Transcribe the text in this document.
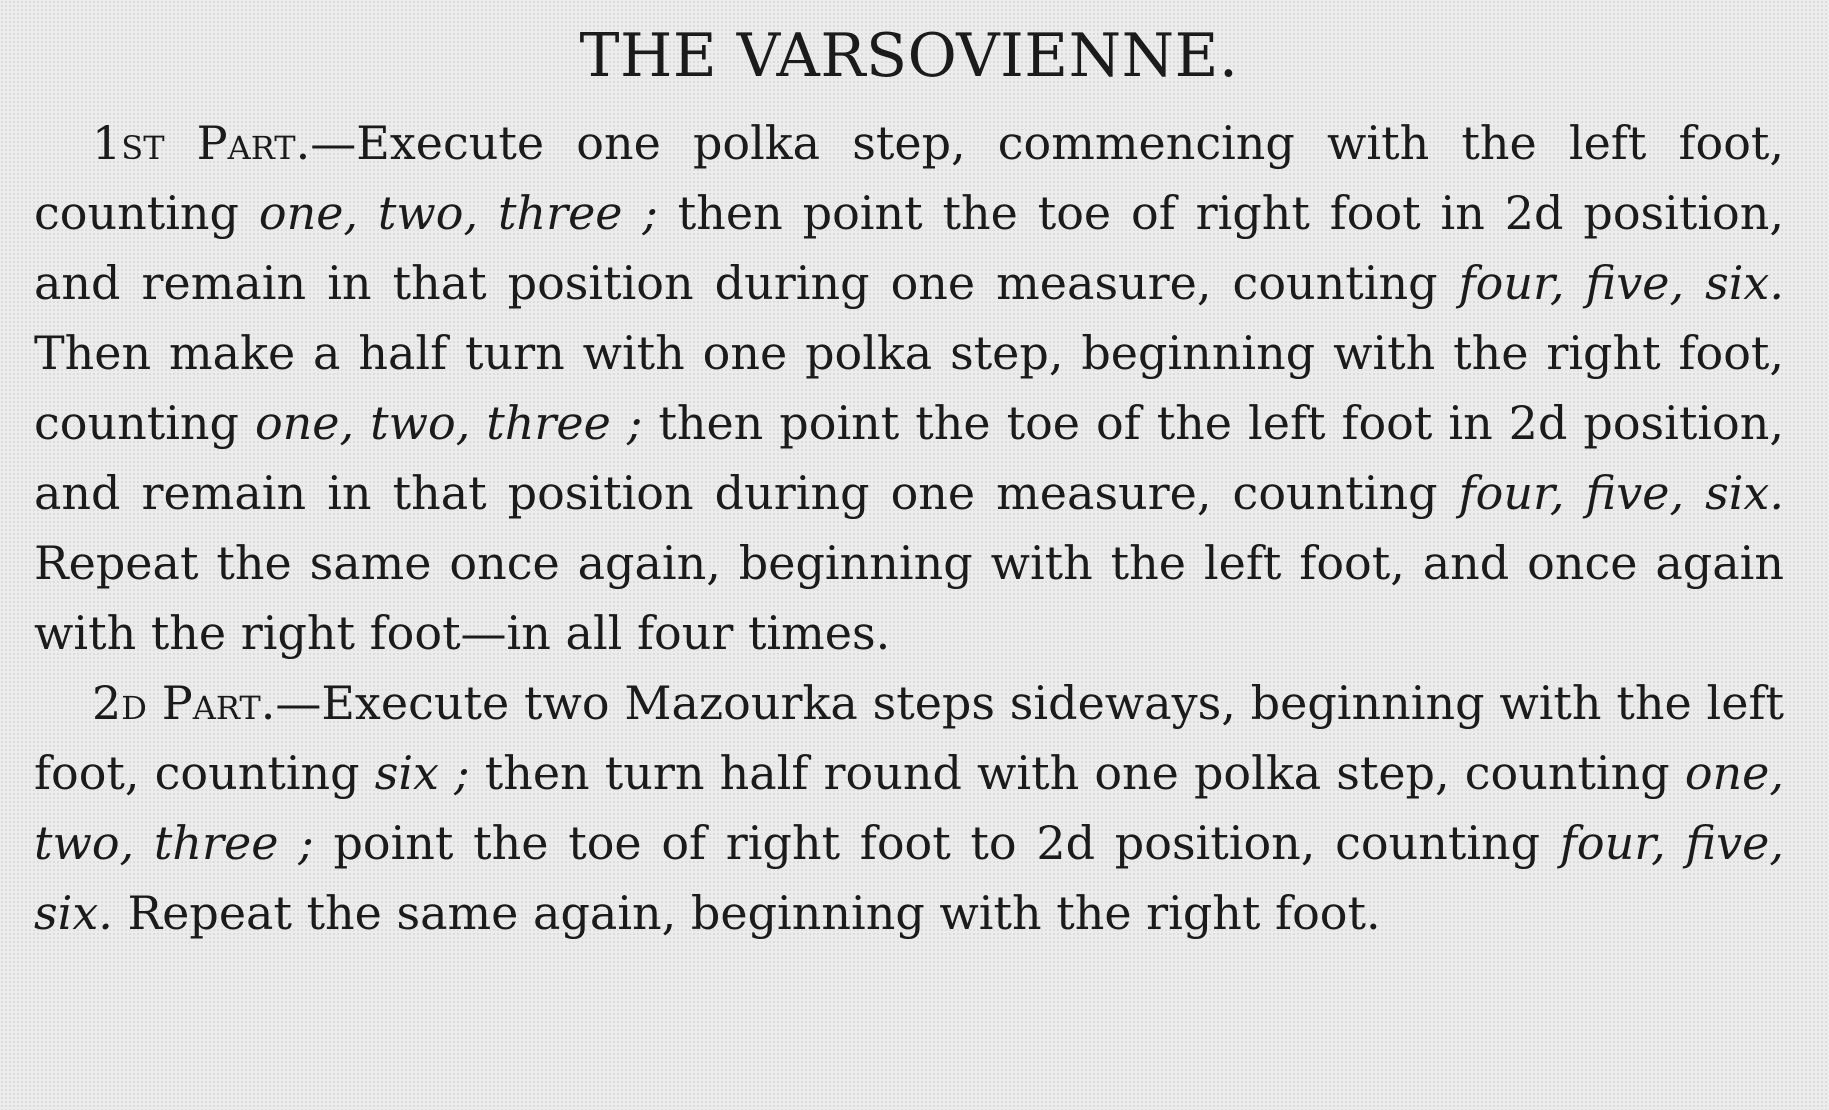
THE VARSOVIENNE.

1st Part.—Execute one polka step, commencing with the left foot, counting one, two, three ; then point the toe of right foot in 2d position, and remain in that position during one measure, counting four, five, six. Then make a half turn with one polka step, beginning with the right foot, counting one, two, three ; then point the toe of the left foot in 2d position, and remain in that position during one measure, counting four, five, six. Repeat the same once again, beginning with the left foot, and once again with the right foot—in all four times.

2d Part.—Execute two Mazourka steps sideways, beginning with the left foot, counting six ; then turn half round with one polka step, counting one, two, three ; point the toe of right foot to 2d position, counting four, five, six. Repeat the same again, beginning with the right foot.
